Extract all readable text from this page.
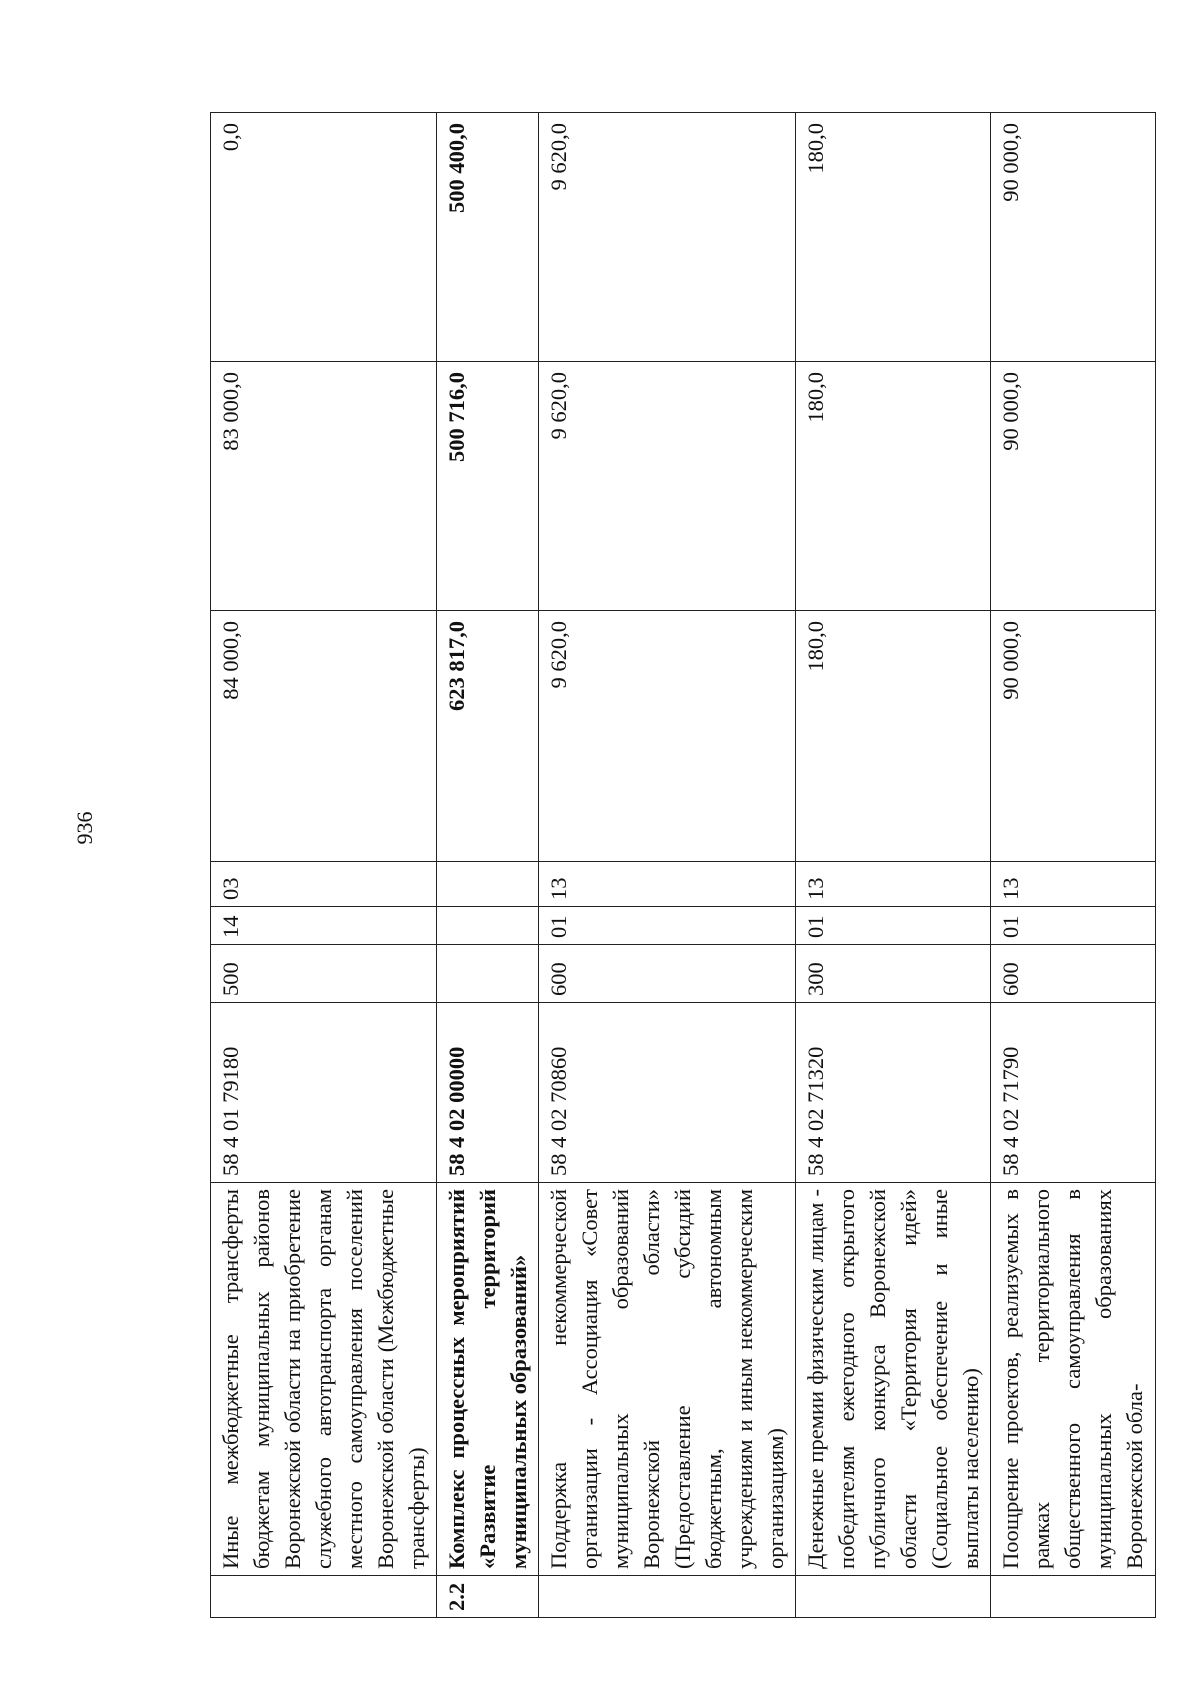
936
	Иные межбюджетные трансферты бюджетам муниципальных районов Воронежской области на приобретение служебного автотранспорта органам местного самоуправления поселений Воронежской области (Межбюджетные трансферты)	58 4 01 79180	500	14	03	84 000,0	83 000,0	0,0
2.2	Комплекс процессных мероприятий «Развитие территорий муниципальных образований»	58 4 02 00000				623 817,0	500 716,0	500 400,0
	Поддержка некоммерческой организации - Ассоциация «Совет муниципальных образований Воронежской области» (Предоставление субсидий бюджетным, автономным учреждениям и иным некоммерческим организациям)	58 4 02 70860	600	01	13	9 620,0	9 620,0	9 620,0
	Денежные премии физическим лицам - победителям ежегодного открытого публичного конкурса Воронежской области «Территория идей» (Социальное обеспечение и иные выплаты населению)	58 4 02 71320	300	01	13	180,0	180,0	180,0
	Поощрение проектов, реализуемых в рамках территориального общественного самоуправления в муниципальных образованиях Воронежской обла-	58 4 02 71790	600	01	13	90 000,0	90 000,0	90 000,0
